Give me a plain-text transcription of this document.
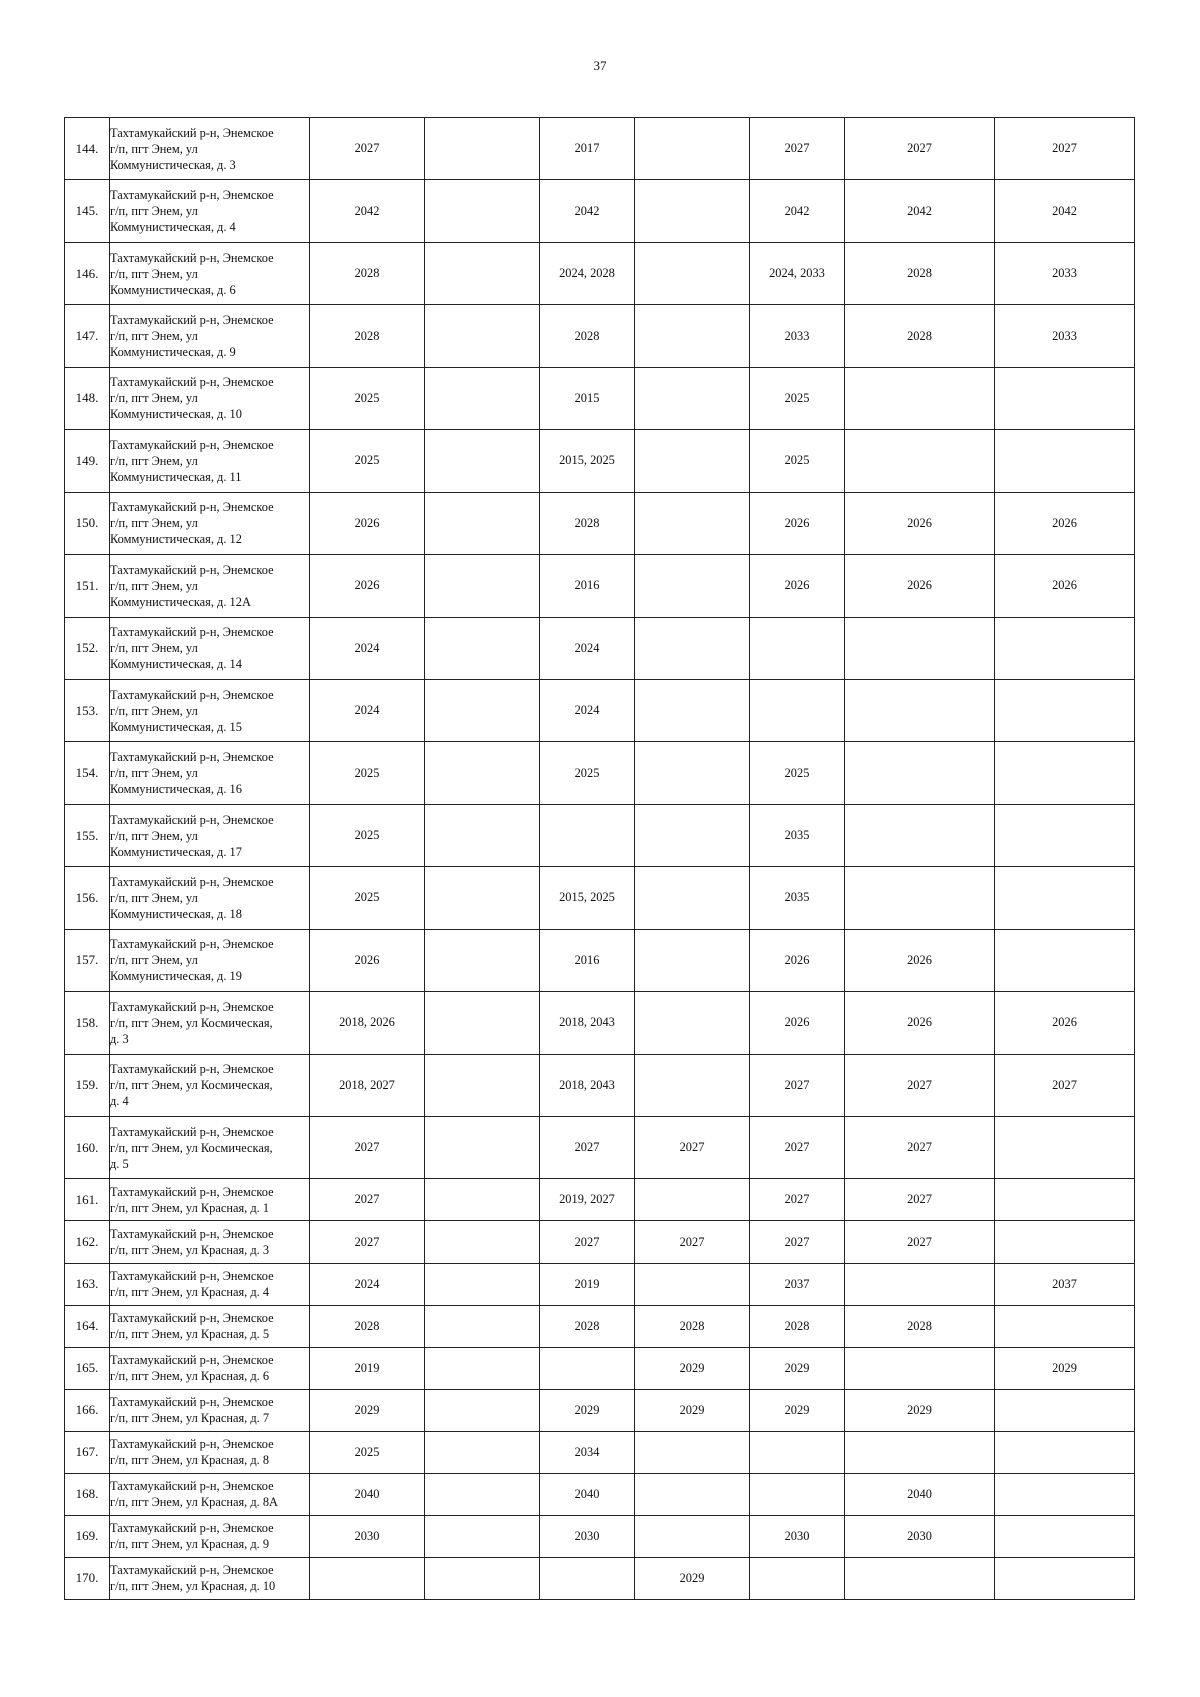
37
144.	Тахтамукайский р-н, Энемское
г/п, пгт Энем, ул
Коммунистическая, д. 3	2027		2017		2027	2027	2027
145.	Тахтамукайский р-н, Энемское
г/п, пгт Энем, ул
Коммунистическая, д. 4	2042		2042		2042	2042	2042
146.	Тахтамукайский р-н, Энемское
г/п, пгт Энем, ул
Коммунистическая, д. 6	2028		2024, 2028		2024, 2033	2028	2033
147.	Тахтамукайский р-н, Энемское
г/п, пгт Энем, ул
Коммунистическая, д. 9	2028		2028		2033	2028	2033
148.	Тахтамукайский р-н, Энемское
г/п, пгт Энем, ул
Коммунистическая, д. 10	2025		2015		2025		
149.	Тахтамукайский р-н, Энемское
г/п, пгт Энем, ул
Коммунистическая, д. 11	2025		2015, 2025		2025		
150.	Тахтамукайский р-н, Энемское
г/п, пгт Энем, ул
Коммунистическая, д. 12	2026		2028		2026	2026	2026
151.	Тахтамукайский р-н, Энемское
г/п, пгт Энем, ул
Коммунистическая, д. 12А	2026		2016		2026	2026	2026
152.	Тахтамукайский р-н, Энемское
г/п, пгт Энем, ул
Коммунистическая, д. 14	2024		2024				
153.	Тахтамукайский р-н, Энемское
г/п, пгт Энем, ул
Коммунистическая, д. 15	2024		2024				
154.	Тахтамукайский р-н, Энемское
г/п, пгт Энем, ул
Коммунистическая, д. 16	2025		2025		2025		
155.	Тахтамукайский р-н, Энемское
г/п, пгт Энем, ул
Коммунистическая, д. 17	2025				2035		
156.	Тахтамукайский р-н, Энемское
г/п, пгт Энем, ул
Коммунистическая, д. 18	2025		2015, 2025		2035		
157.	Тахтамукайский р-н, Энемское
г/п, пгт Энем, ул
Коммунистическая, д. 19	2026		2016		2026	2026	
158.	Тахтамукайский р-н, Энемское
г/п, пгт Энем, ул Космическая,
д. 3	2018, 2026		2018, 2043		2026	2026	2026
159.	Тахтамукайский р-н, Энемское
г/п, пгт Энем, ул Космическая,
д. 4	2018, 2027		2018, 2043		2027	2027	2027
160.	Тахтамукайский р-н, Энемское
г/п, пгт Энем, ул Космическая,
д. 5	2027		2027	2027	2027	2027	
161.	Тахтамукайский р-н, Энемское
г/п, пгт Энем, ул Красная, д. 1	2027		2019, 2027		2027	2027	
162.	Тахтамукайский р-н, Энемское
г/п, пгт Энем, ул Красная, д. 3	2027		2027	2027	2027	2027	
163.	Тахтамукайский р-н, Энемское
г/п, пгт Энем, ул Красная, д. 4	2024		2019		2037		2037
164.	Тахтамукайский р-н, Энемское
г/п, пгт Энем, ул Красная, д. 5	2028		2028	2028	2028	2028	
165.	Тахтамукайский р-н, Энемское
г/п, пгт Энем, ул Красная, д. 6	2019			2029	2029		2029
166.	Тахтамукайский р-н, Энемское
г/п, пгт Энем, ул Красная, д. 7	2029		2029	2029	2029	2029	
167.	Тахтамукайский р-н, Энемское
г/п, пгт Энем, ул Красная, д. 8	2025		2034				
168.	Тахтамукайский р-н, Энемское
г/п, пгт Энем, ул Красная, д. 8А	2040		2040			2040	
169.	Тахтамукайский р-н, Энемское
г/п, пгт Энем, ул Красная, д. 9	2030		2030		2030	2030	
170.	Тахтамукайский р-н, Энемское
г/п, пгт Энем, ул Красная, д. 10				2029			
